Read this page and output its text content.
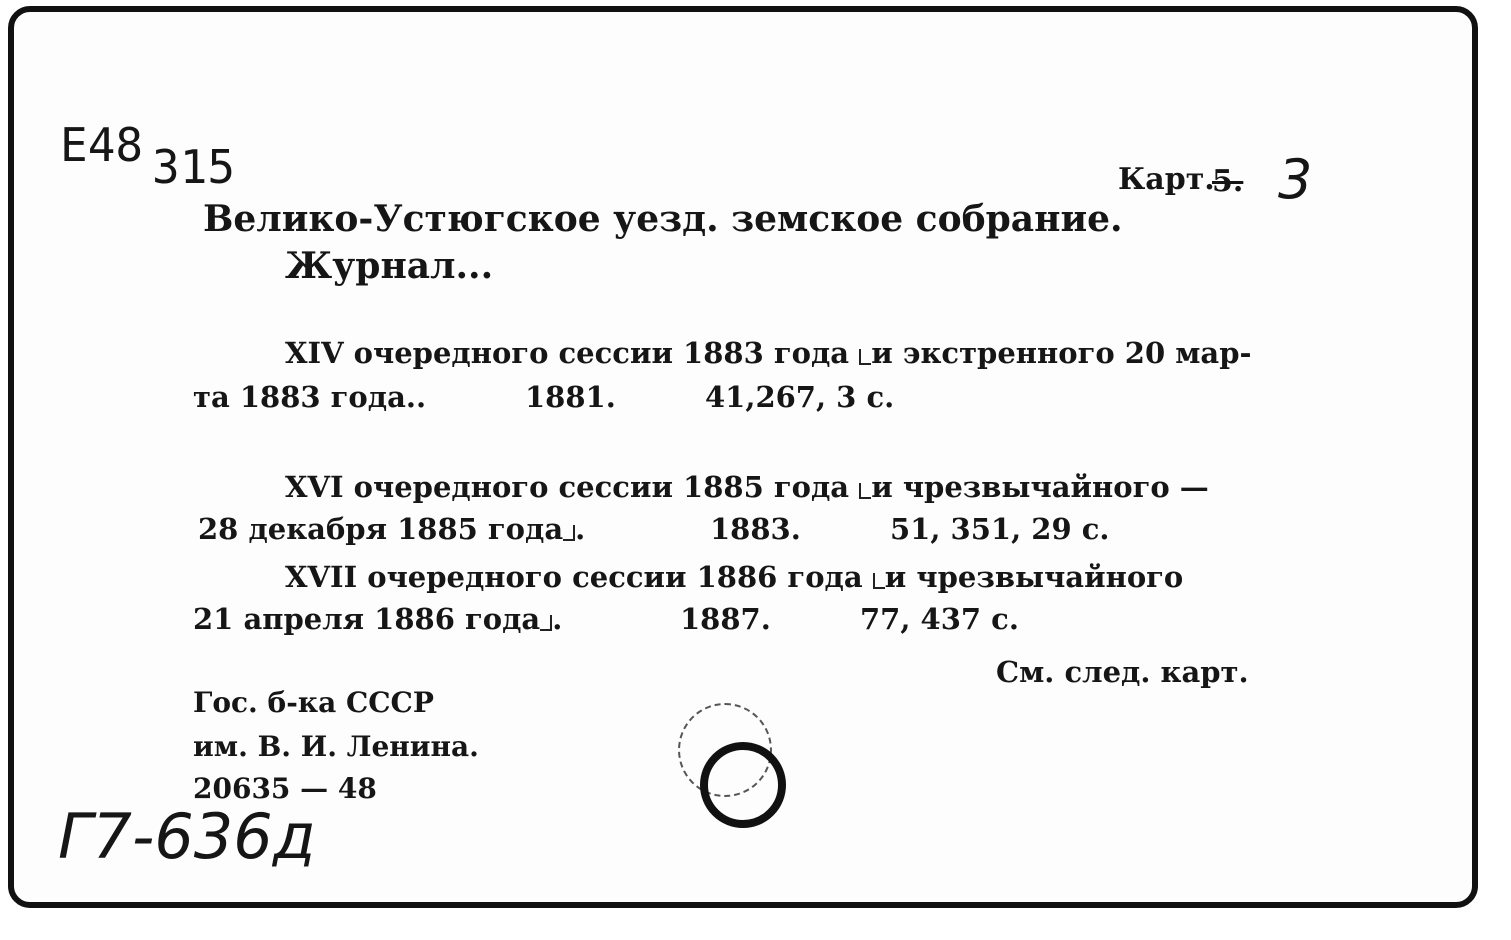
E48 315	Карт.
5. 3
Велико-Устюгское уезд. земское собрание.
Журнал...
XIV очередного сессии 1883 года и экстренного 20 мар-
та 1883 года..	1881.	41,267, 3 с.
XVI очередного сессии 1885 года и чрезвычайного —
28 декабря 1885 года .	1883.	51, 351, 29 с.
XVII очередного сессии 1886 года и чрезвычайного
21 апреля 1886 года .	1887.	77, 437 с.
См. след. карт.
Гос. б-ка СССР
им. В. И. Ленина.
20635 — 48
Г7-636д
